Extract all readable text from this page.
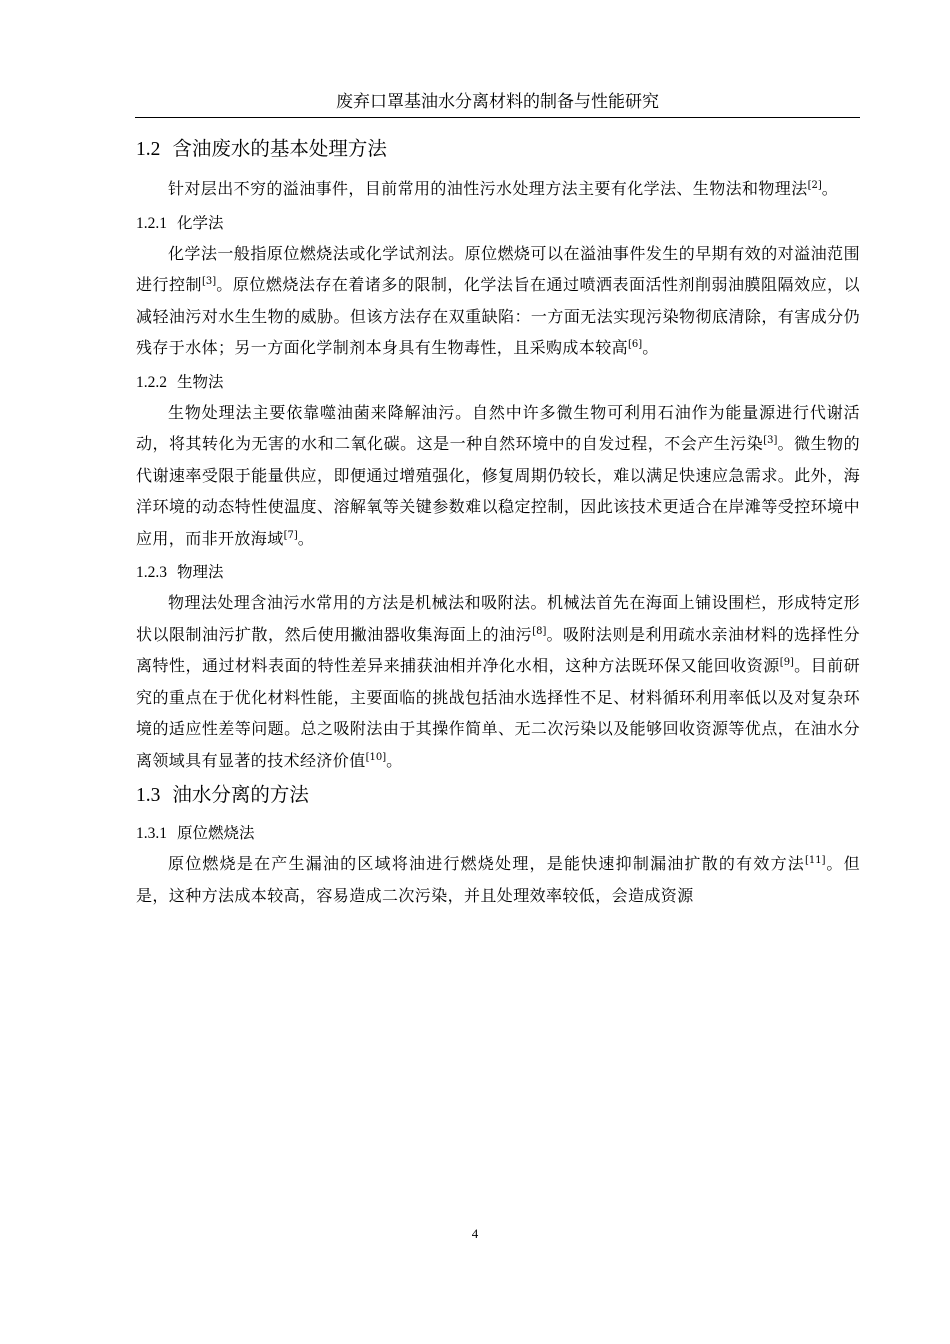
废弃口罩基油水分离材料的制备与性能研究
1.2 含油废水的基本处理方法

针对层出不穷的溢油事件，目前常用的油性污水处理方法主要有化学法、生物法和物理法[2]。

1.2.1 化学法

化学法一般指原位燃烧法或化学试剂法。原位燃烧可以在溢油事件发生的早期有效的对溢油范围进行控制[3]。原位燃烧法存在着诸多的限制，化学法旨在通过喷洒表面活性剂削弱油膜阻隔效应，以减轻油污对水生生物的威胁。但该方法存在双重缺陷：一方面无法实现污染物彻底清除，有害成分仍残存于水体；另一方面化学制剂本身具有生物毒性，且采购成本较高[6]。

1.2.2 生物法

生物处理法主要依靠噬油菌来降解油污。自然中许多微生物可利用石油作为能量源进行代谢活动，将其转化为无害的水和二氧化碳。这是一种自然环境中的自发过程，不会产生污染[3]。微生物的代谢速率受限于能量供应，即便通过增殖强化，修复周期仍较长，难以满足快速应急需求。此外，海洋环境的动态特性使温度、溶解氧等关键参数难以稳定控制，因此该技术更适合在岸滩等受控环境中应用，而非开放海域[7]。

1.2.3 物理法

物理法处理含油污水常用的方法是机械法和吸附法。机械法首先在海面上铺设围栏，形成特定形状以限制油污扩散，然后使用撇油器收集海面上的油污[8]。吸附法则是利用疏水亲油材料的选择性分离特性，通过材料表面的特性差异来捕获油相并净化水相，这种方法既环保又能回收资源[9]。目前研究的重点在于优化材料性能，主要面临的挑战包括油水选择性不足、材料循环利用率低以及对复杂环境的适应性差等问题。总之吸附法由于其操作简单、无二次污染以及能够回收资源等优点，在油水分离领域具有显著的技术经济价值[10]。

1.3 油水分离的方法
1.3.1 原位燃烧法

原位燃烧是在产生漏油的区域将油进行燃烧处理，是能快速抑制漏油扩散的有效方法[11]。但是，这种方法成本较高，容易造成二次污染，并且处理效率较低，会造成资源

4
